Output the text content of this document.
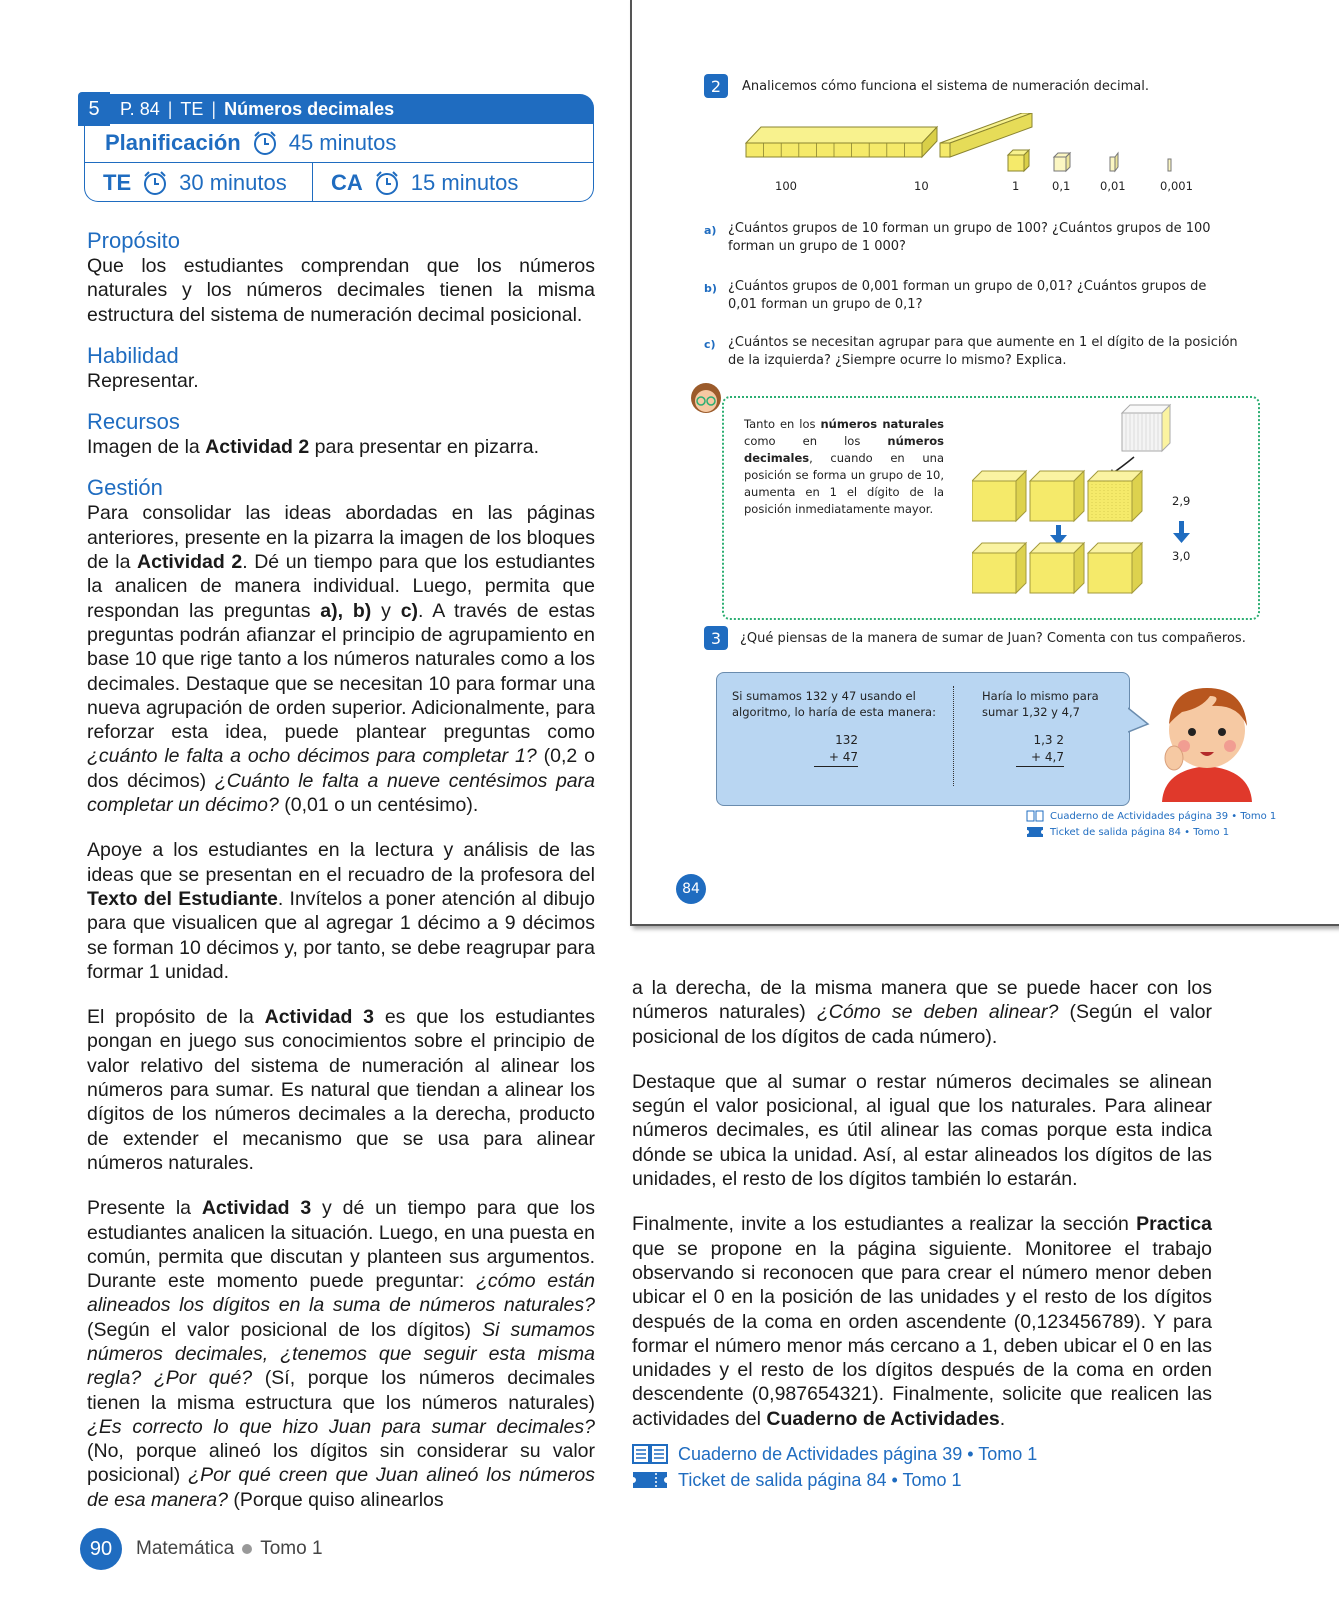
5	P. 84 | TE | Números decimales
Planificación 45 minutos
TE 30 minutos CA 15 minutos
Propósito

Que los estudiantes comprendan que los números naturales y los números decimales tienen la misma estructura del sistema de numeración decimal posicional.

Habilidad

Representar.

Recursos

Imagen de la Actividad 2 para presentar en pizarra.

Gestión

Para consolidar las ideas abordadas en las páginas anteriores, presente en la pizarra la imagen de los bloques de la Actividad 2. Dé un tiempo para que los estudiantes la analicen de manera individual. Luego, permita que respondan las preguntas a), b) y c). A través de estas preguntas podrán afianzar el principio de agrupamiento en base 10 que rige tanto a los números naturales como a los decimales. Destaque que se necesitan 10 para formar una nueva agrupación de orden superior. Adicionalmente, para reforzar esta idea, puede plantear preguntas como ¿cuánto le falta a ocho décimos para completar 1? (0,2 o dos décimos) ¿Cuánto le falta a nueve centésimos para completar un décimo? (0,01 o un centésimo).

Apoye a los estudiantes en la lectura y análisis de las ideas que se presentan en el recuadro de la profesora del Texto del Estudiante. Invítelos a poner atención al dibujo para que visualicen que al agregar 1 décimo a 9 décimos se forman 10 décimos y, por tanto, se debe reagrupar para formar 1 unidad.

El propósito de la Actividad 3 es que los estudiantes pongan en juego sus conocimientos sobre el principio de valor relativo del sistema de numeración al alinear los números para sumar. Es natural que tiendan a alinear los dígitos de los números decimales a la derecha, producto de extender el mecanismo que se usa para alinear números naturales.

Presente la Actividad 3 y dé un tiempo para que los estudiantes analicen la situación. Luego, en una puesta en común, permita que discutan y planteen sus argumentos. Durante este momento puede preguntar: ¿cómo están alineados los dígitos en la suma de números naturales? (Según el valor posicional de los dígitos) Si sumamos números decimales, ¿tenemos que seguir esta misma regla? ¿Por qué? (Sí, porque los números decimales tienen la misma estructura que los números naturales) ¿Es correcto lo que hizo Juan para sumar decimales? (No, porque alineó los dígitos sin considerar su valor posicional) ¿Por qué creen que Juan alineó los números de esa manera? (Porque quiso alinearlos

a la derecha, de la misma manera que se puede hacer con los números naturales) ¿Cómo se deben alinear? (Según el valor posicional de los dígitos de cada número).

Destaque que al sumar o restar números decimales se alinean según el valor posicional, al igual que los naturales. Para alinear números decimales, es útil alinear las comas porque esta indica dónde se ubica la unidad. Así, al estar alineados los dígitos de las unidades, el resto de los dígitos también lo estarán.

Finalmente, invite a los estudiantes a realizar la sección Practica que se propone en la página siguiente. Monitoree el trabajo observando si reconocen que para crear el número menor deben ubicar el 0 en la posición de las unidades y el resto de los dígitos después de la coma en orden ascendente (0,123456789). Y para formar el número menor más cercano a 1, deben ubicar el 0 en las unidades y el resto de los dígitos después de la coma en orden descendente (0,987654321). Finalmente, solicite que realicen las actividades del Cuaderno de Actividades.

Cuaderno de Actividades página 39 • Tomo 1
Ticket de salida página 84 • Tomo 1
90	Matemática Tomo 1
2	Analicemos cómo funciona el sistema de numeración decimal.
100	10	1	0,1	0,01	0,001
a) ¿Cuántos grupos de 10 forman un grupo de 100? ¿Cuántos grupos de 100 forman un grupo de 1 000?
b) ¿Cuántos grupos de 0,001 forman un grupo de 0,01? ¿Cuántos grupos de 0,01 forman un grupo de 0,1?
c) ¿Cuántos se necesitan agrupar para que aumente en 1 el dígito de la posición de la izquierda? ¿Siempre ocurre lo mismo? Explica.
Tanto en los números naturales como en los números decimales, cuando en una posición se forma un grupo de 10, aumenta en 1 el dígito de la posición inmediatamente mayor.
2,9
3,0
3	¿Qué piensas de la manera de sumar de Juan? Comenta con tus compañeros.
Si sumamos 132 y 47 usando el algoritmo, lo haría de esta manera:
132
+ 47
Haría lo mismo para sumar 1,32 y 4,7
1,3 2
+ 4,7
Cuaderno de Actividades página 39 • Tomo 1
Ticket de salida página 84 • Tomo 1
84
